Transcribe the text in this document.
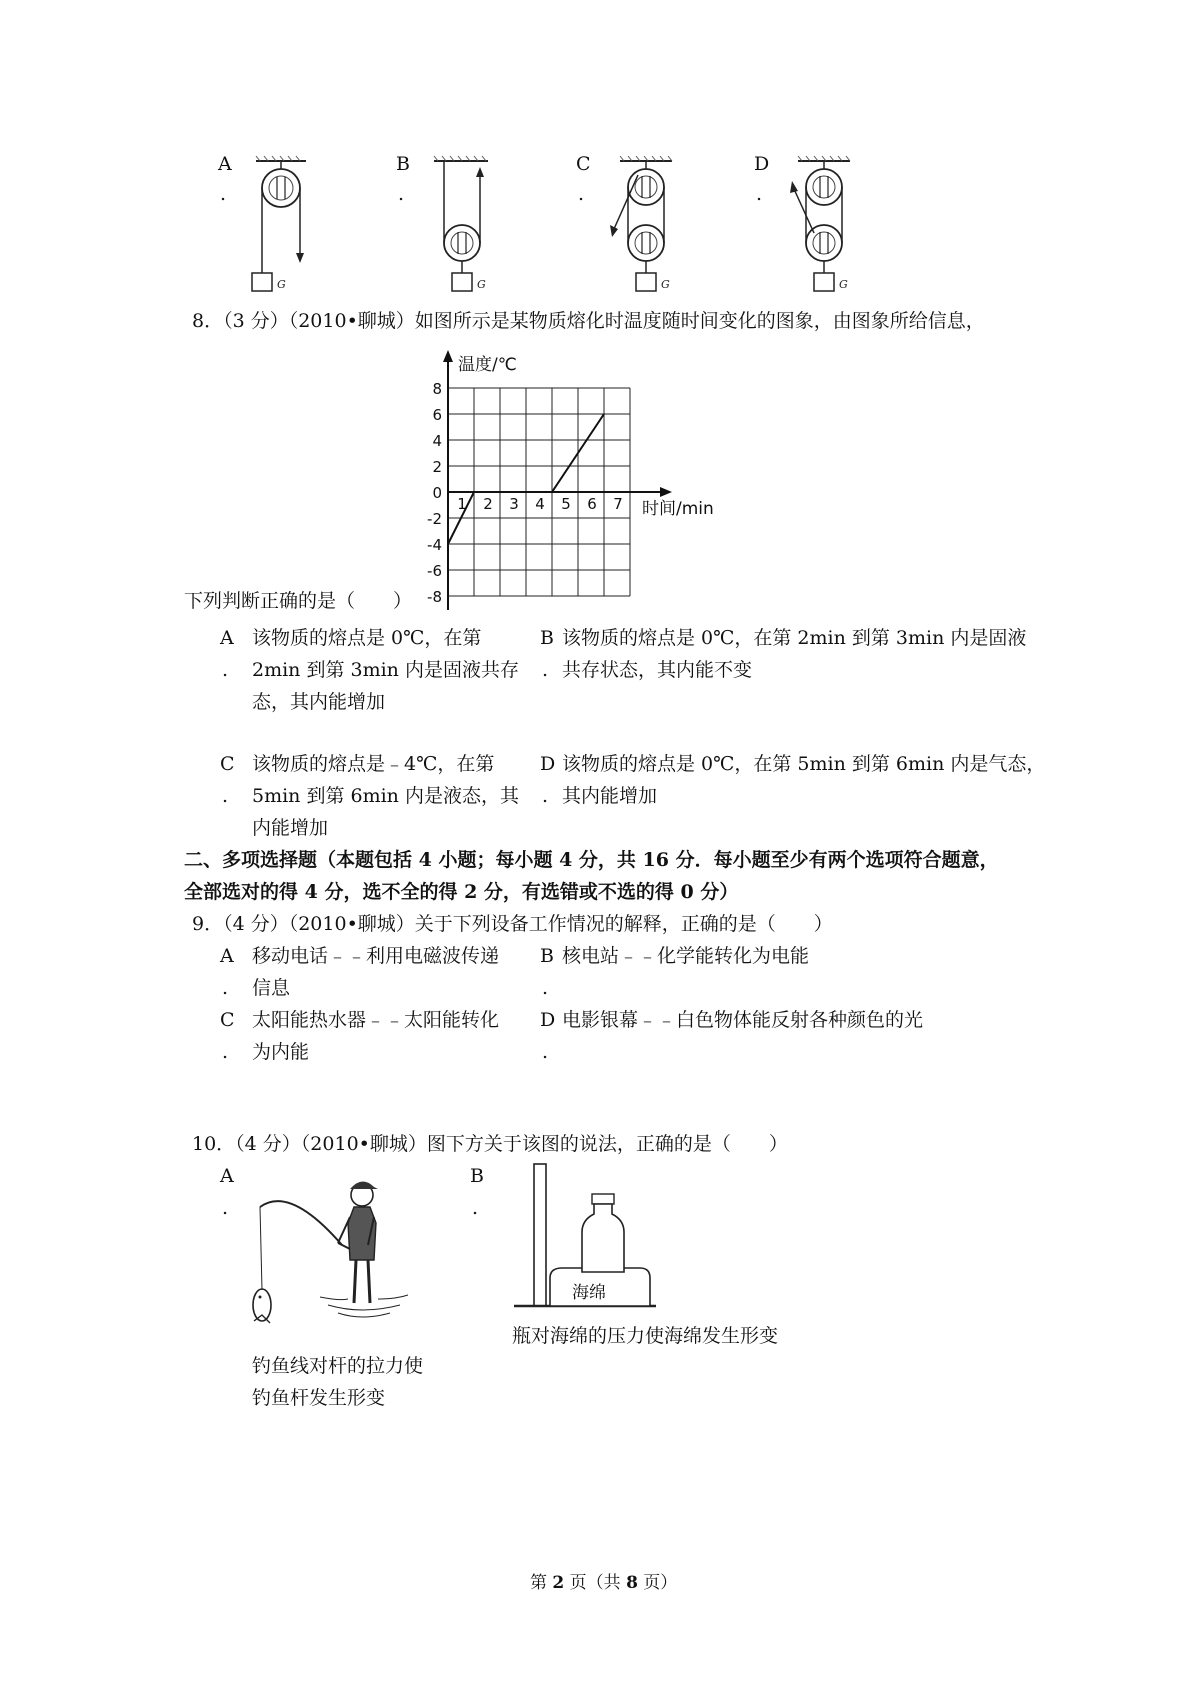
A
.
B
.
C
.
D
.
G	G	G	G
8．（3 分）（2010•聊城）如图所示是某物质熔化时温度随时间变化的图象，由图象所给信息，
8
6
4
2
0
-2
-4
-6
-8
1 2 3 4 5 6 7
温度/℃
时间/min
下列判断正确的是（　　）
A
.
该物质的熔点是 0℃，在第
2min 到第 3min 内是固液共存
态，其内能增加
B
.
该物质的熔点是 0℃，在第 2min 到第 3min 内是固液
共存状态，其内能不变
C
.
该物质的熔点是﹣4℃，在第
5min 到第 6min 内是液态，其
内能增加
D
.
该物质的熔点是 0℃，在第 5min 到第 6min 内是气态，
其内能增加
二、多项选择题（本题包括 4 小题；每小题 4 分，共 16 分．每小题至少有两个选项符合题意，
全部选对的得 4 分，选不全的得 2 分，有选错或不选的得 0 分）
9．（4 分）（2010•聊城）关于下列设备工作情况的解释，正确的是（　　）
A
.
移动电话﹣﹣利用电磁波传递
信息
B
.
核电站﹣﹣化学能转化为电能
C
.
太阳能热水器﹣﹣太阳能转化
为内能
D
.
电影银幕﹣﹣白色物体能反射各种颜色的光
10．（4 分）（2010•聊城）图下方关于该图的说法，正确的是（　　）
A
.
钓鱼线对杆的拉力使
钓鱼杆发生形变
B
.
海绵
瓶对海绵的压力使海绵发生形变
第 2 页（共 8 页）
